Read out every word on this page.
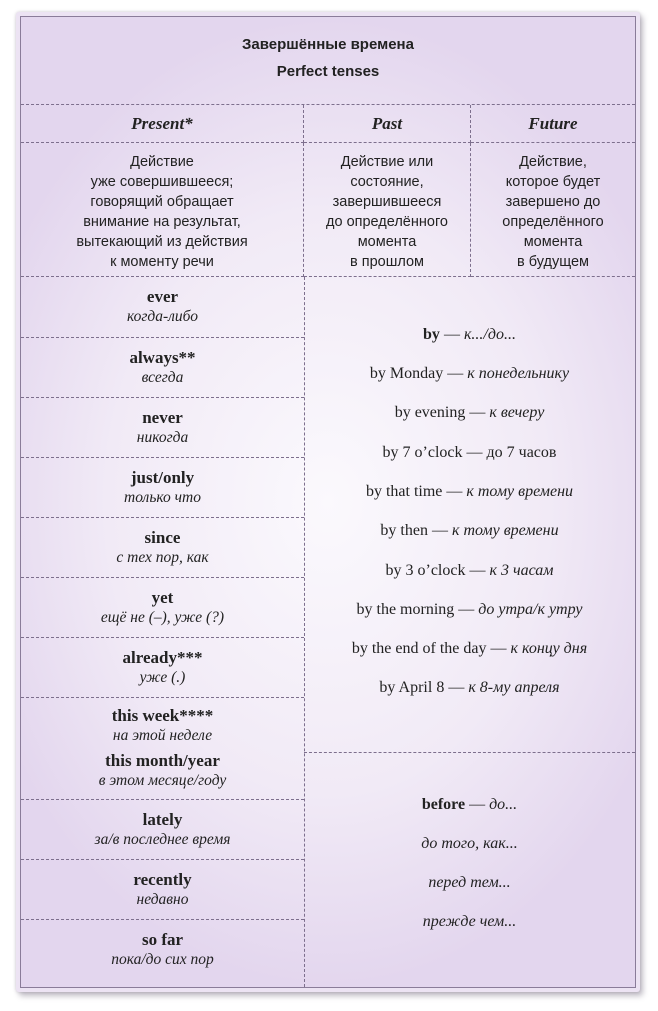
Завершённые времена
Perfect tenses
Present*	Past	Future
Действие
уже совершившееся;
говорящий обращает
внимание на результат,
вытекающий из действия
к моменту речи
Действие или
состояние,
завершившееся
до определённого
момента
в прошлом
Действие,
которое будет
завершено до
определённого
момента
в будущем
ever
когда-либо
always**
всегда
never
никогда
just/only
только что
since
с тех пор, как
yet
ещё не (–), уже (?)
already***
уже (.)
this week****
на этой неделе
this month/year
в этом месяце/году
lately
за/в последнее время
recently
недавно
so far
пока/до сих пор
by — к.../до...
by Monday — к понедельнику
by evening — к вечеру
by 7 o’clock — до 7 часов
by that time — к тому времени
by then — к тому времени
by 3 o’clock — к 3 часам
by the morning — до утра/к утру
by the end of the day — к концу дня
by April 8 — к 8-му апреля
before — до...
до того, как...
перед тем...
прежде чем...
